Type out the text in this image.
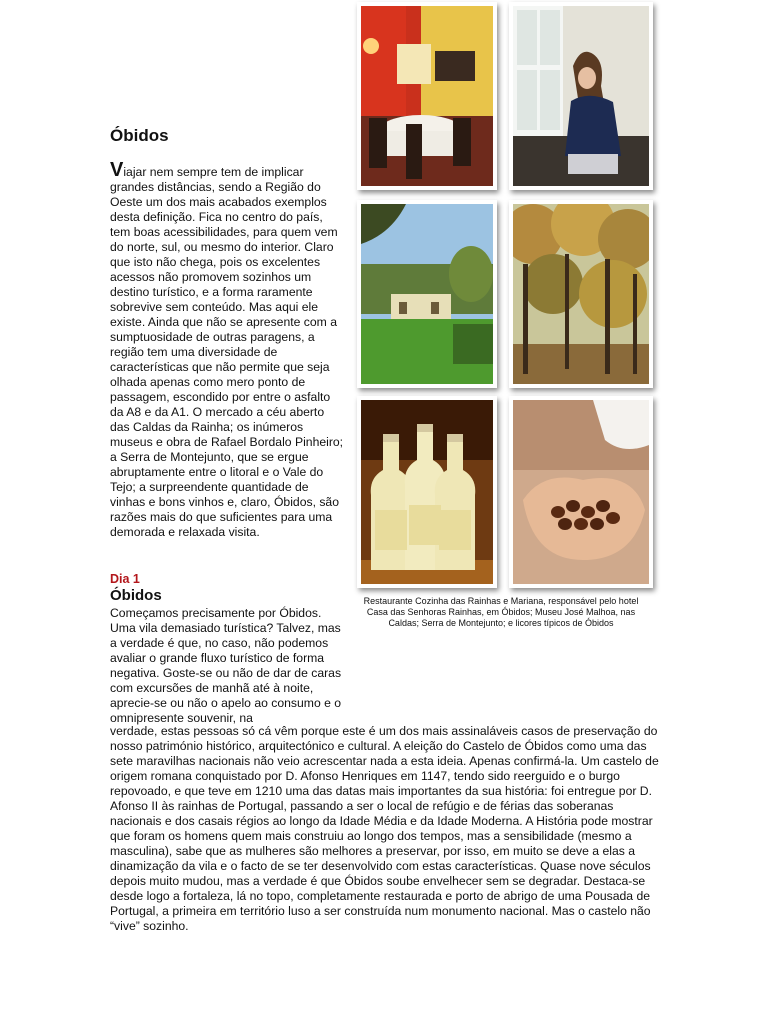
Óbidos

Viajar nem sempre tem de implicar grandes distâncias, sendo a Região do Oeste um dos mais acabados exemplos desta definição. Fica no centro do país, tem boas acessibilidades, para quem vem do norte, sul, ou mesmo do interior. Claro que isto não chega, pois os excelentes acessos não promovem sozinhos um destino turístico, e a forma raramente sobrevive sem conteúdo. Mas aqui ele existe. Ainda que não se apresente com a sumptuosidade de outras paragens, a região tem uma diversidade de características que não permite que seja olhada apenas como mero ponto de passagem, escondido por entre o asfalto da A8 e da A1. O mercado a céu aberto das Caldas da Rainha; os inúmeros museus e obra de Rafael Bordalo Pinheiro; a Serra de Montejunto, que se ergue abruptamente entre o litoral e o Vale do Tejo; a surpreendente quantidade de vinhas e bons vinhos e, claro, Óbidos, são razões mais do que suficientes para uma demorada e relaxada visita.

Dia 1
Óbidos

Começamos precisamente por Óbidos. Uma vila demasiado turística? Talvez, mas a verdade é que, no caso, não podemos avaliar o grande fluxo turístico de forma negativa. Goste-se ou não de dar de caras com excursões de manhã até à noite, aprecie-se ou não o apelo ao consumo e o omnipresente souvenir, na

verdade, estas pessoas só cá vêm porque este é um dos mais assinaláveis casos de preservação do nosso património histórico, arquitectónico e cultural. A eleição do Castelo de Óbidos como uma das sete maravilhas nacionais não veio acrescentar nada a esta ideia. Apenas confirmá-la. Um castelo de origem romana conquistado por D. Afonso Henriques em 1147, tendo sido reerguido e o burgo repovoado, e que teve em 1210 uma das datas mais importantes da sua história: foi entregue por D. Afonso II às rainhas de Portugal, passando a ser o local de refúgio e de férias das soberanas nacionais e dos casais régios ao longo da Idade Média e da Idade Moderna. A História pode mostrar que foram os homens quem mais construiu ao longo dos tempos, mas a sensibilidade (mesmo a masculina), sabe que as mulheres são melhores a preservar, por isso, em muito se deve a elas a dinamização da vila e o facto de se ter desenvolvido com estas características. Quase nove séculos depois muito mudou, mas a verdade é que Óbidos soube envelhecer sem se degradar. Destaca-se desde logo a fortaleza, lá no topo, completamente restaurada e porto de abrigo de uma Pousada de Portugal, a primeira em território luso a ser construída num monumento nacional. Mas o castelo não “vive” sozinho.

Restaurante Cozinha das Rainhas e Mariana, responsável pelo hotel Casa das Senhoras Rainhas, em Óbidos; Museu José Malhoa, nas Caldas; Serra de Montejunto; e licores típicos de Óbidos
